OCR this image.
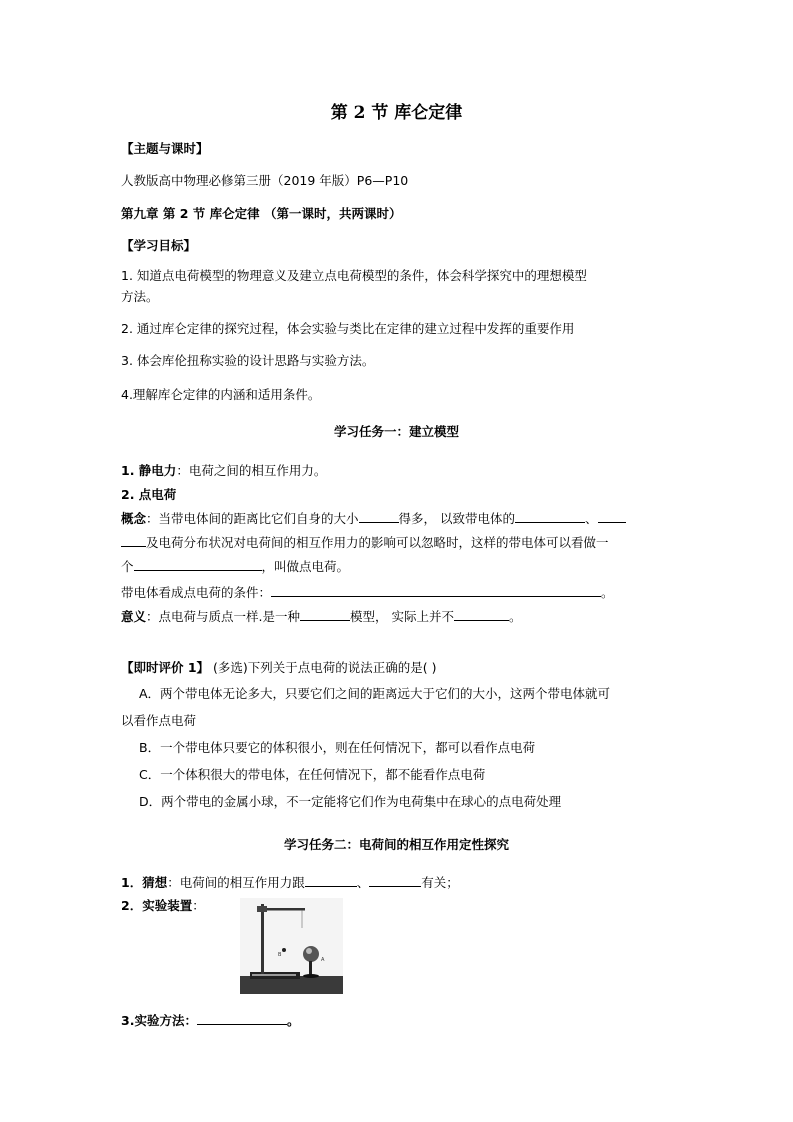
第 2 节 库仑定律
【主题与课时】
人教版高中物理必修第三册（2019 年版）P6—P10
第九章 第 2 节 库仑定律 （第一课时，共两课时）
【学习目标】
1. 知道点电荷模型的物理意义及建立点电荷模型的条件，体会科学探究中的理想模型
方法。
2. 通过库仑定律的探究过程，体会实验与类比在定律的建立过程中发挥的重要作用
3. 体会库伦扭称实验的设计思路与实验方法。
4.理解库仑定律的内涵和适用条件。
学习任务一：建立模型
1. 静电力：电荷之间的相互作用力。
2. 点电荷
概念：当带电体间的距离比它们自身的大小	得多， 以致带电体的	、
及电荷分布状况对电荷间的相互作用力的影响可以忽略时，这样的带电体可以看做一
个	，叫做点电荷。
带电体看成点电荷的条件：	。
意义：点电荷与质点一样.是一种	模型， 实际上并不	。
【即时评价 1】 (多选)下列关于点电荷的说法正确的是( )
A．两个带电体无论多大，只要它们之间的距离远大于它们的大小，这两个带电体就可
以看作点电荷
B．一个带电体只要它的体积很小，则在任何情况下，都可以看作点电荷
C．一个体积很大的带电体，在任何情况下，都不能看作点电荷
D．两个带电的金属小球，不一定能将它们作为电荷集中在球心的点电荷处理
学习任务二：电荷间的相互作用定性探究
1．猜想：电荷间的相互作用力跟	、	有关；
2．实验装置：
B
A
3.实验方法：	。
